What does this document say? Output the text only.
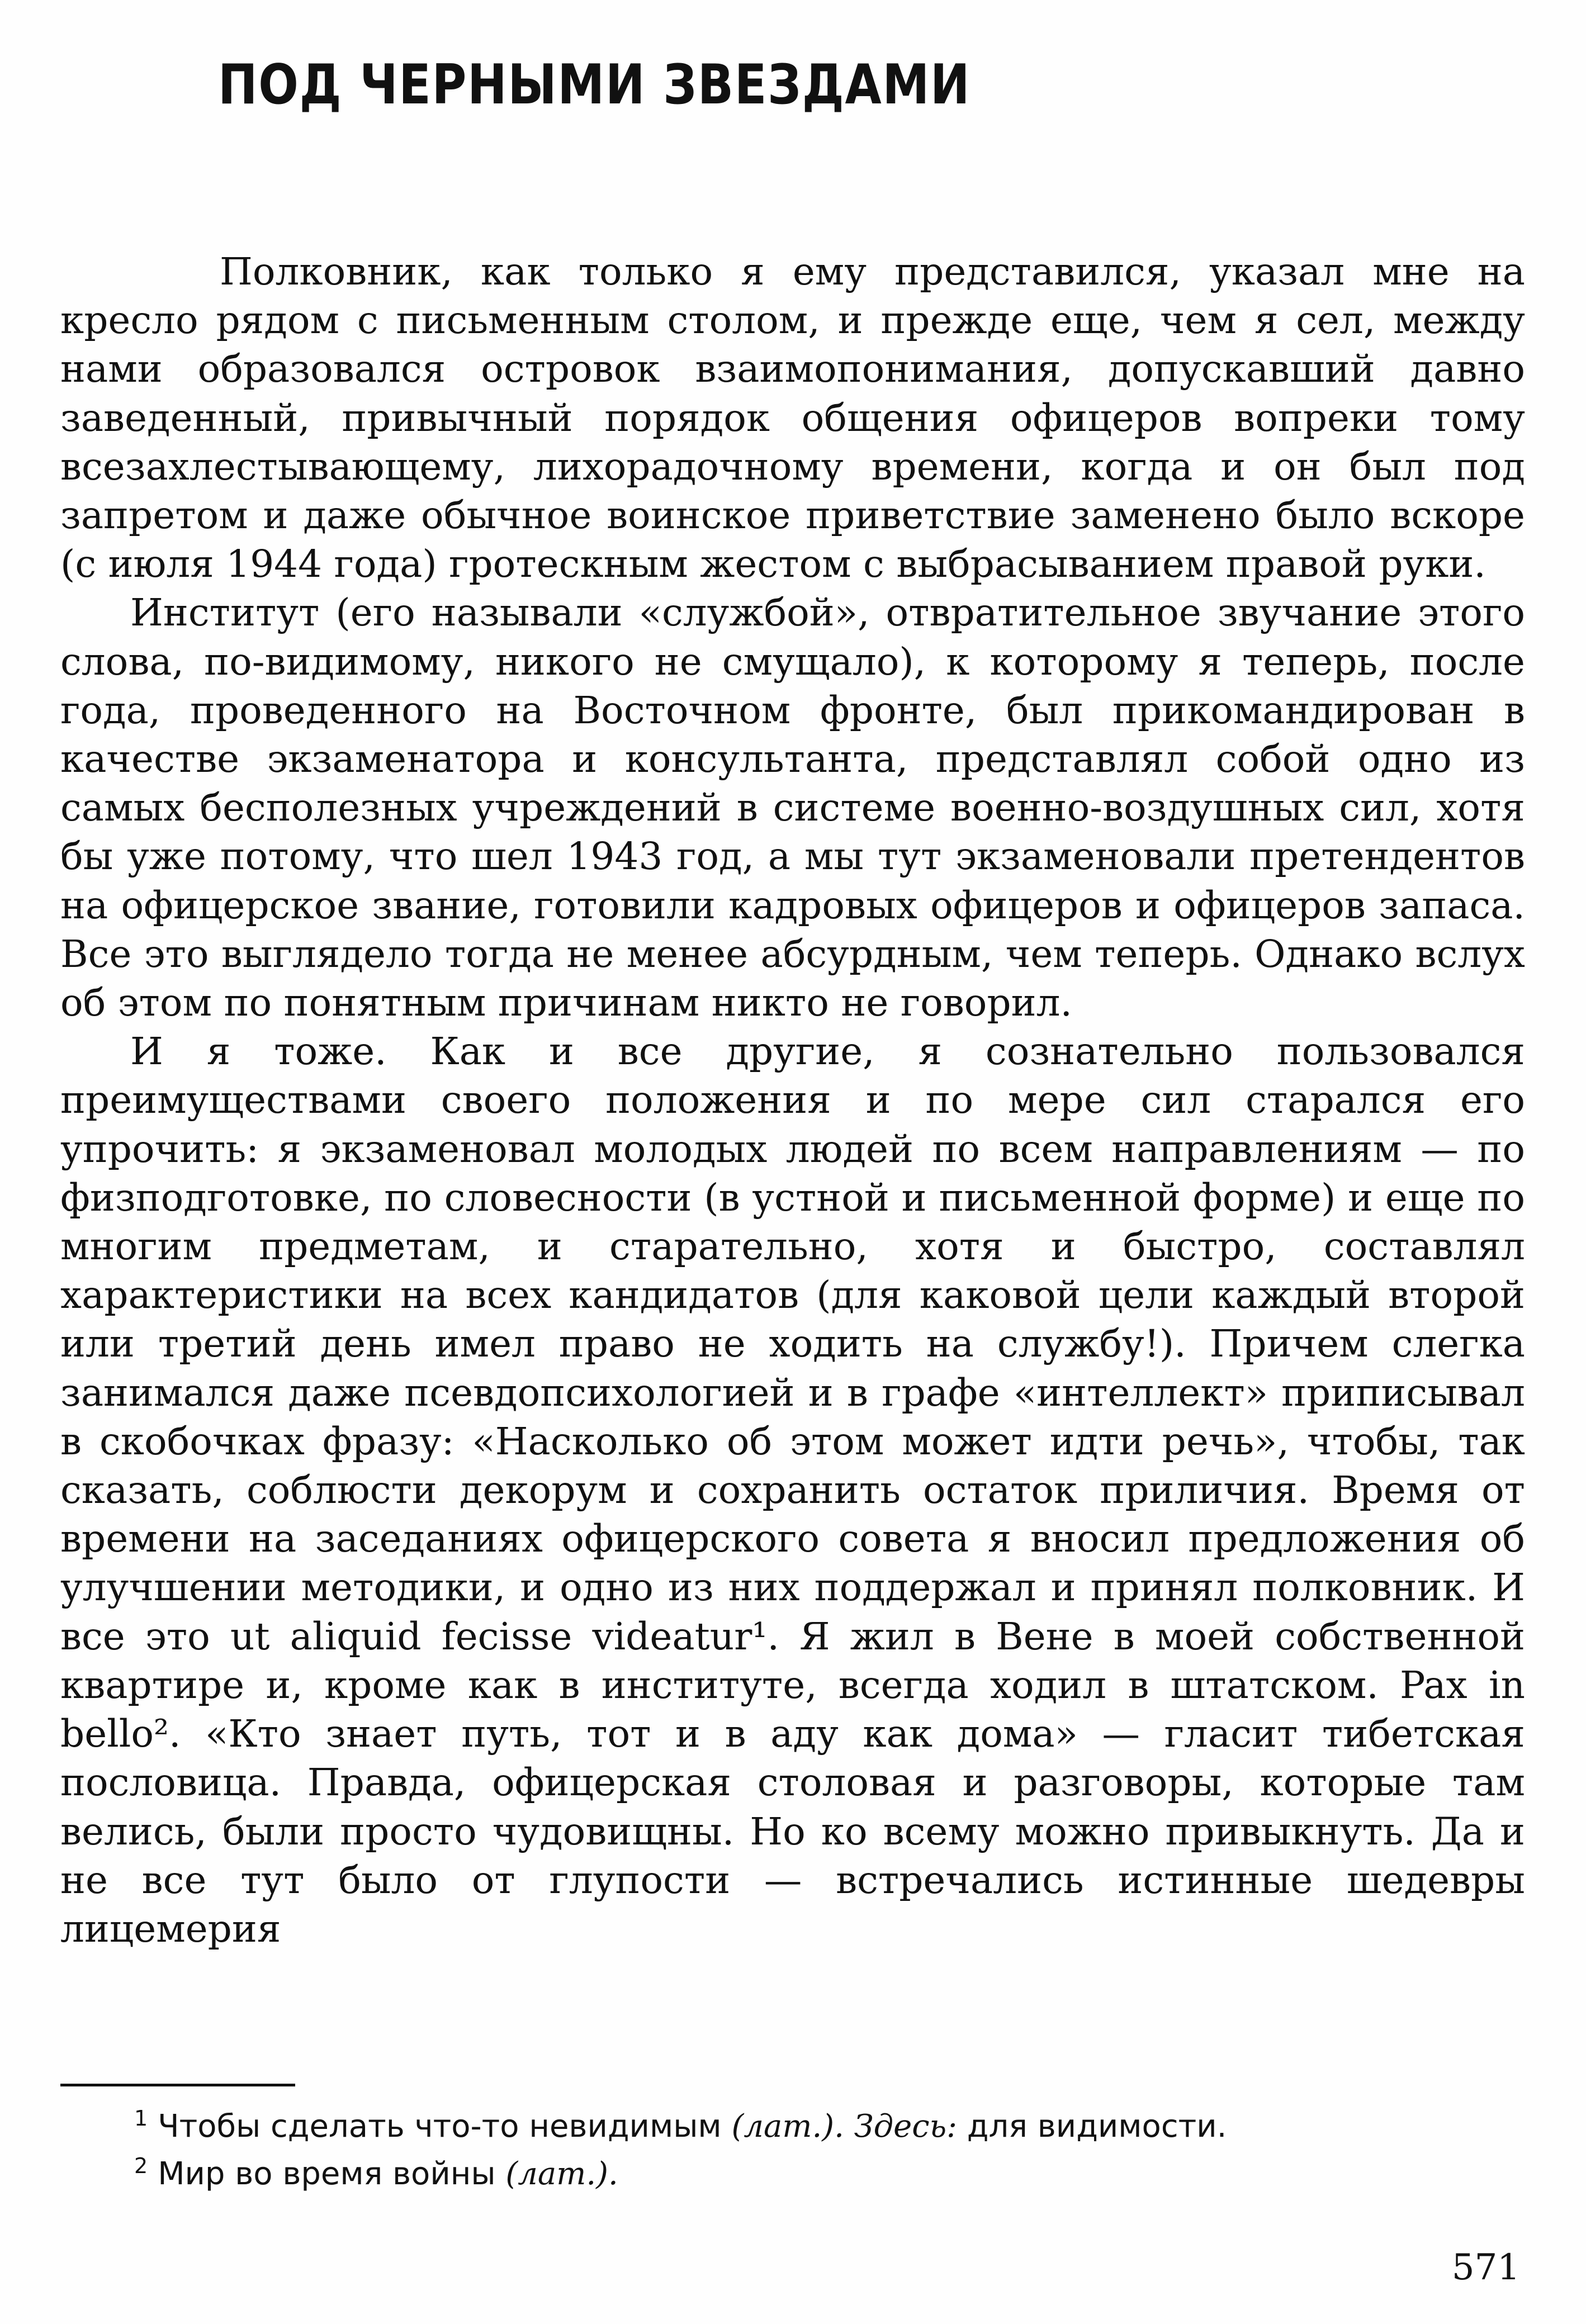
ПОД ЧЕРНЫМИ ЗВЕЗДАМИ

Полковник, как только я ему представился, указал мне на кресло рядом с письменным столом, и прежде еще, чем я сел, между нами образовался островок взаимопонимания, допускавший давно заведенный, привычный порядок общения офицеров вопреки тому всезахлестывающему, лихорадочному времени, когда и он был под запретом и даже обычное воинское приветствие заменено было вскоре (с июля 1944 года) гротескным жестом с выбрасыванием правой руки.

Институт (его называли «службой», отвратительное звучание этого слова, по-видимому, никого не смущало), к которому я теперь, после года, проведенного на Восточном фронте, был прикомандирован в качестве экзаменатора и консультанта, представлял собой одно из самых бесполезных учреждений в системе военно-воздушных сил, хотя бы уже потому, что шел 1943 год, а мы тут экзаменовали претендентов на офицерское звание, готовили кадровых офицеров и офицеров запаса. Все это выглядело тогда не менее абсурдным, чем теперь. Однако вслух об этом по понятным причинам никто не говорил.

И я тоже. Как и все другие, я сознательно пользовался преимуществами своего положения и по мере сил старался его упрочить: я экзаменовал молодых людей по всем направлениям — по физподготовке, по словесности (в устной и письменной форме) и еще по многим предметам, и старательно, хотя и быстро, составлял характеристики на всех кандидатов (для каковой цели каждый второй или третий день имел право не ходить на службу!). Причем слегка занимался даже псевдопсихологией и в графе «интеллект» приписывал в скобочках фразу: «Насколько об этом может идти речь», чтобы, так сказать, соблюсти декорум и сохранить остаток приличия. Время от времени на заседаниях офицерского совета я вносил предложения об улучшении методики, и одно из них поддержал и принял полковник. И все это ut aliquid fecisse videatur¹. Я жил в Вене в моей собственной квартире и, кроме как в институте, всегда ходил в штатском. Pax in bello². «Кто знает путь, тот и в аду как дома» — гласит тибетская пословица. Правда, офицерская столовая и разговоры, которые там велись, были просто чудовищны. Но ко всему можно привыкнуть. Да и не все тут было от глупости — встречались истинные шедевры лицемерия

$^1$ Чтобы сделать что-то невидимым (лат.). Здесь: для видимости.
$^2$ Мир во время войны (лат.).
571
